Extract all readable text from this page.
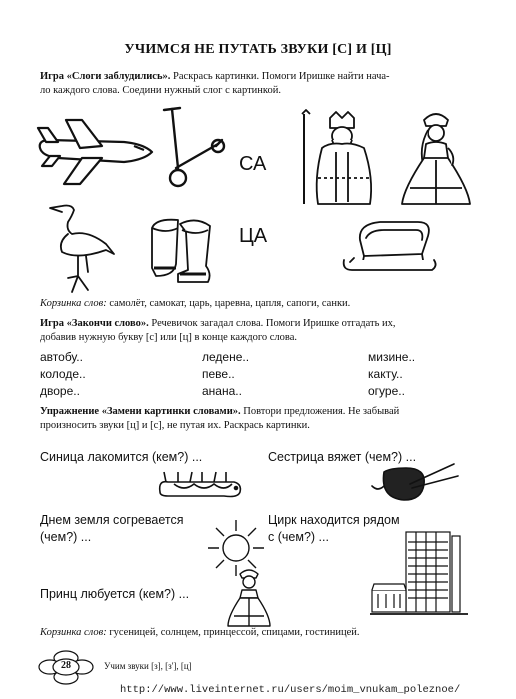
УЧИМСЯ НЕ ПУТАТЬ ЗВУКИ [С] И [Ц]
Игра «Слоги заблудились». Раскрась картинки. Помоги Иришке найти нача-
ло каждого слова. Соедини нужный слог с картинкой.
СА
ЦА
Корзинка слов: самолёт, самокат, царь, царевна, цапля, сапоги, санки.
Игра «Закончи слово». Речевичок загадал слова. Помоги Иришке отгадать их,
добавив нужную букву [с] или [ц] в конце каждого слова.
автобу..	ледене..	мизине..
колоде..	певе..	какту..
дворе..	анана..	огуре..
Упражнение «Замени картинки словами». Повтори предложения. Не забывай
произносить звуки [ц] и [с], не путая их. Раскрась картинки.
Синица лакомится (кем?) ...	Сестрица вяжет (чем?) ...
Днем земля согревается
(чем?) ...
Цирк находится рядом
с (чем?) ...
Принц любуется (кем?) ...
Корзинка слов: гусеницей, солнцем, принцессой, спицами, гостиницей.
28	Учим звуки [з], [з'], [ц]
http://www.liveinternet.ru/users/moim_vnukam_poleznoe/
